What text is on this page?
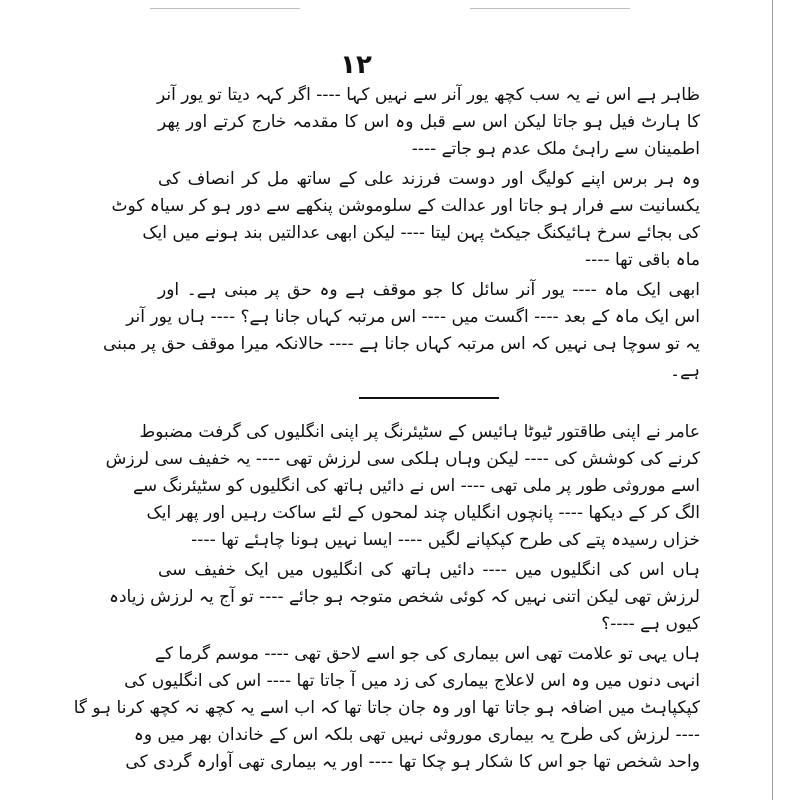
۱۲
ظاہر ہے اس نے یہ سب کچھ یور آنر سے نہیں کہا ---- اگر کہہ دیتا تو یور آنر
کا ہارٹ فیل ہو جاتا لیکن اس سے قبل وہ اس کا مقدمہ خارج کرتے اور پھر
اطمینان سے راہیٔ ملک عدم ہو جاتے ----
وہ ہر برس اپنے کولیگ اور دوست فرزند علی کے ساتھ مل کر انصاف کی
یکسانیت سے فرار ہو جاتا اور عدالت کے سلوموشن پنکھے سے دور ہو کر سیاہ کوٹ
کی بجائے سرخ ہائیکنگ جیکٹ پہن لیتا ---- لیکن ابھی عدالتیں بند ہونے میں ایک
ماہ باقی تھا ----
ابھی ایک ماہ ---- یور آنر سائل کا جو موقف ہے وہ حق پر مبنی ہے۔ اور
اس ایک ماہ کے بعد ---- اگست میں ---- اس مرتبہ کہاں جانا ہے؟ ---- ہاں یور آنر
یہ تو سوچا ہی نہیں کہ اس مرتبہ کہاں جانا ہے ---- حالانکہ میرا موقف حق پر مبنی
ہے۔
عامر نے اپنی طاقتور ٹیوٹا ہائیس کے سٹیئرنگ پر اپنی انگلیوں کی گرفت مضبوط
کرنے کی کوشش کی ---- لیکن وہاں ہلکی سی لرزش تھی ---- یہ خفیف سی لرزش
اسے موروثی طور پر ملی تھی ---- اس نے دائیں ہاتھ کی انگلیوں کو سٹیئرنگ سے
الگ کر کے دیکھا ---- پانچوں انگلیاں چند لمحوں کے لئے ساکت رہیں اور پھر ایک
خزاں رسیدہ پتے کی طرح کپکپانے لگیں ---- ایسا نہیں ہونا چاہئے تھا ----
ہاں اس کی انگلیوں میں ---- دائیں ہاتھ کی انگلیوں میں ایک خفیف سی
لرزش تھی لیکن اتنی نہیں کہ کوئی شخص متوجہ ہو جائے ---- تو آج یہ لرزش زیادہ
کیوں ہے ----؟
ہاں یہی تو علامت تھی اس بیماری کی جو اسے لاحق تھی ---- موسم گرما کے
انہی دنوں میں وہ اس لاعلاج بیماری کی زد میں آ جاتا تھا ---- اس کی انگلیوں کی
کپکپاہٹ میں اضافہ ہو جاتا تھا اور وہ جان جاتا تھا کہ اب اسے یہ کچھ نہ کچھ کرنا ہو گا
---- لرزش کی طرح یہ بیماری موروثی نہیں تھی بلکہ اس کے خاندان بھر میں وہ
واحد شخص تھا جو اس کا شکار ہو چکا تھا ---- اور یہ بیماری تھی آوارہ گردی کی
